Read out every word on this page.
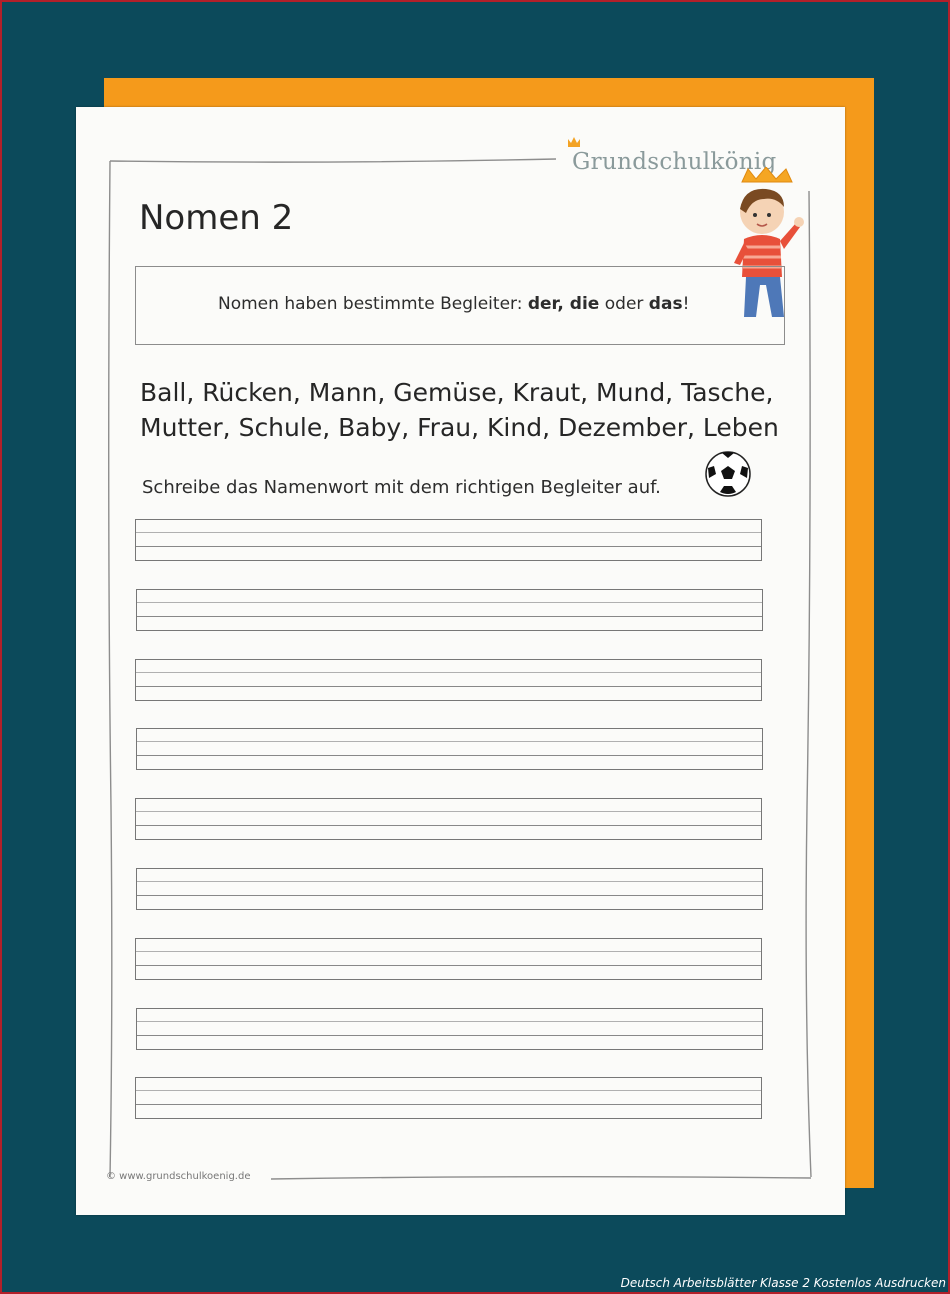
Grundschulkönig
Nomen 2
Nomen haben bestimmte Begleiter: der, die oder das!
Ball, Rücken, Mann, Gemüse, Kraut, Mund, Tasche,
Mutter, Schule, Baby, Frau, Kind, Dezember, Leben
Schreibe das Namenwort mit dem richtigen Begleiter auf.
© www.grundschulkoenig.de
Deutsch Arbeitsblätter Klasse 2 Kostenlos Ausdrucken
